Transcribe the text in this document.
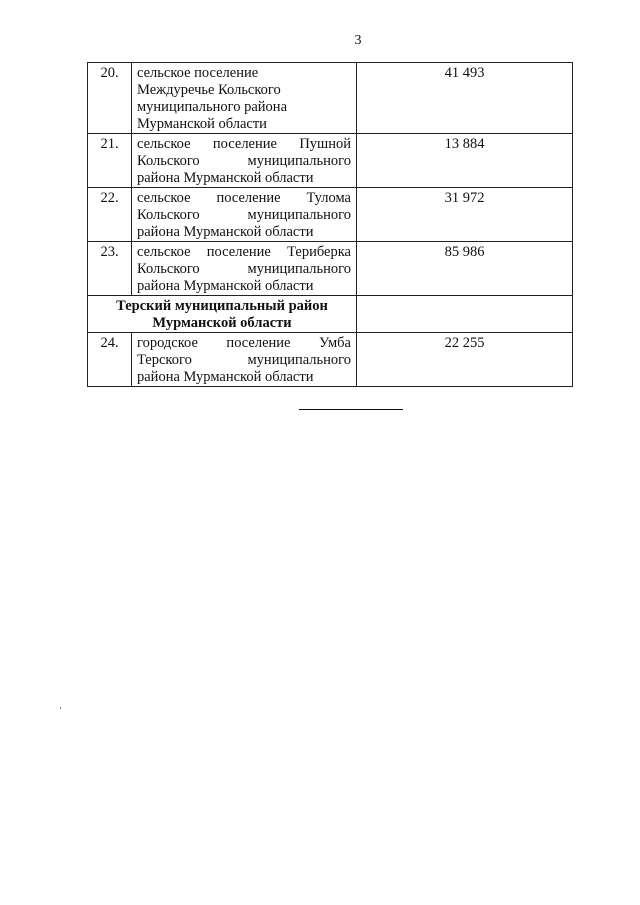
3
20.	сельское поселение
Междуречье Кольского
муниципального района
Мурманской области	41 493
21.	сельское поселение Пушной
Кольского муниципального
района Мурманской области	13 884
22.	сельское поселение Тулома
Кольского муниципального
района Мурманской области	31 972
23.	сельское поселение Териберка
Кольского муниципального
района Мурманской области	85 986

Терский муниципальный район
Мурманской области		

24.	городское поселение Умба
Терского муниципального
района Мурманской области	22 255
